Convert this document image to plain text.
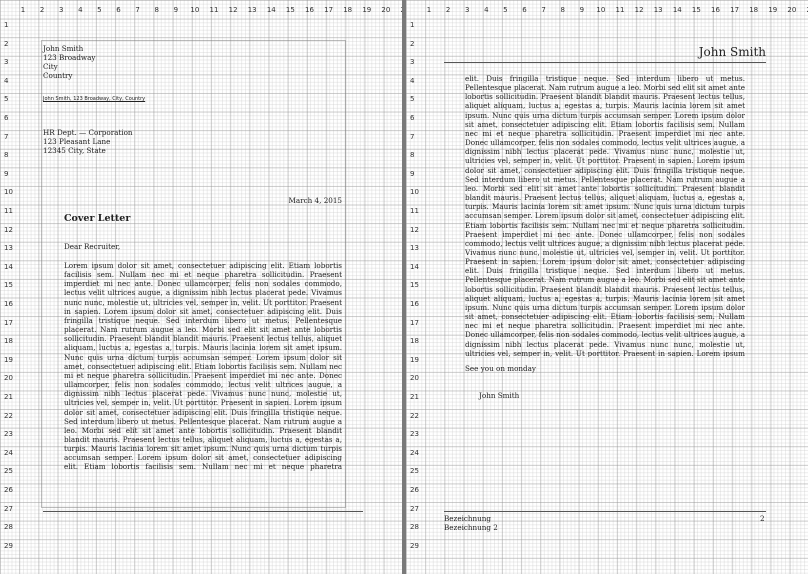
1 2 3 4 5 6 7 8 9 10 11 12 13 14 15 16 17 18 19 20
1
2
3
4
5
6
7
8
9
10
11
12
13
14
15
16
17
18
19
20
21
22
23
24
25
26
27
28
29
John Smith
123 Broadway
City
Country
John Smith, 123 Broadway, City, Country
HR Dept. — Corporation
123 Pleasant Lane
12345 City, State
March 4, 2015
Cover Letter
Dear Recruiter,

Lorem ipsum dolor sit amet, consectetuer adipiscing elit. Etiam lobortis facilisis sem. Nullam nec mi et neque pharetra sollicitudin. Praesent imperdiet mi nec ante. Donec ullamcorper, felis non sodales commodo, lectus velit ultrices augue, a dignissim nibh lectus placerat pede. Vivamus nunc nunc, molestie ut, ultricies vel, semper in, velit. Ut porttitor. Praesent in sapien. Lorem ipsum dolor sit amet, consectetuer adipiscing elit. Duis fringilla tristique neque. Sed interdum libero ut metus. Pellentesque placerat. Nam rutrum augue a leo. Morbi sed elit sit amet ante lobortis sollicitudin. Praesent blandit blandit mauris. Praesent lectus tellus, aliquet aliquam, luctus a, egestas a, turpis. Mauris lacinia lorem sit amet ipsum. Nunc quis urna dictum turpis accumsan semper. Lorem ipsum dolor sit amet, consectetuer adipiscing elit. Etiam lobortis facilisis sem. Nullam nec mi et neque pharetra sollicitudin. Praesent imperdiet mi nec ante. Donec ullamcorper, felis non sodales commodo, lectus velit ultrices augue, a dignissim nibh lectus placerat pede. Vivamus nunc nunc, molestie ut, ultricies vel, semper in, velit. Ut porttitor. Praesent in sapien. Lorem ipsum dolor sit amet, consectetuer adipiscing elit. Duis fringilla tristique neque. Sed interdum libero ut metus. Pellentesque placerat. Nam rutrum augue a leo. Morbi sed elit sit amet ante lobortis sollicitudin. Praesent blandit blandit mauris. Praesent lectus tellus, aliquet aliquam, luctus a, egestas a, turpis. Mauris lacinia lorem sit amet ipsum. Nunc quis urna dictum turpis accumsan semper. Lorem ipsum dolor sit amet, consectetuer adipiscing elit. Etiam lobortis facilisis sem. Nullam nec mi et neque pharetra

1 2 3 4 5 6 7 8 9 10 11 12 13 14 15 16 17 18 19 20
1
2
3
4
5
6
7
8
9
10
11
12
13
14
15
16
17
18
19
20
21
22
23
24
25
26
27
28
29
John Smith

elit. Duis fringilla tristique neque. Sed interdum libero ut metus. Pellentesque placerat. Nam rutrum augue a leo. Morbi sed elit sit amet ante lobortis sollicitudin. Praesent blandit blandit mauris. Praesent lectus tellus, aliquet aliquam, luctus a, egestas a, turpis. Mauris lacinia lorem sit amet ipsum. Nunc quis urna dictum turpis accumsan semper. Lorem ipsum dolor sit amet, consectetuer adipiscing elit. Etiam lobortis facilisis sem. Nullam nec mi et neque pharetra sollicitudin. Praesent imperdiet mi nec ante. Donec ullamcorper, felis non sodales commodo, lectus velit ultrices augue, a dignissim nibh lectus placerat pede. Vivamus nunc nunc, molestie ut, ultricies vel, semper in, velit. Ut porttitor. Praesent in sapien. Lorem ipsum dolor sit amet, consectetuer adipiscing elit. Duis fringilla tristique neque. Sed interdum libero ut metus. Pellentesque placerat. Nam rutrum augue a leo. Morbi sed elit sit amet ante lobortis sollicitudin. Praesent blandit blandit mauris. Praesent lectus tellus, aliquet aliquam, luctus a, egestas a, turpis. Mauris lacinia lorem sit amet ipsum. Nunc quis urna dictum turpis accumsan semper. Lorem ipsum dolor sit amet, consectetuer adipiscing elit. Etiam lobortis facilisis sem. Nullam nec mi et neque pharetra sollicitudin. Praesent imperdiet mi nec ante. Donec ullamcorper, felis non sodales commodo, lectus velit ultrices augue, a dignissim nibh lectus placerat pede. Vivamus nunc nunc, molestie ut, ultricies vel, semper in, velit. Ut porttitor. Praesent in sapien. Lorem ipsum dolor sit amet, consectetuer adipiscing elit. Duis fringilla tristique neque. Sed interdum libero ut metus. Pellentesque placerat. Nam rutrum augue a leo. Morbi sed elit sit amet ante lobortis sollicitudin. Praesent blandit blandit mauris. Praesent lectus tellus, aliquet aliquam, luctus a, egestas a, turpis. Mauris lacinia lorem sit amet ipsum. Nunc quis urna dictum turpis accumsan semper. Lorem ipsum dolor sit amet, consectetuer adipiscing elit. Etiam lobortis facilisis sem. Nullam nec mi et neque pharetra sollicitudin. Praesent imperdiet mi nec ante. Donec ullamcorper, felis non sodales commodo, lectus velit ultrices augue, a dignissim nibh lectus placerat pede. Vivamus nunc nunc, molestie ut, ultricies vel, semper in, velit. Ut porttitor. Praesent in sapien. Lorem ipsum

See you on monday
John Smith
Bezeichnung
Bezeichnung 2
2
